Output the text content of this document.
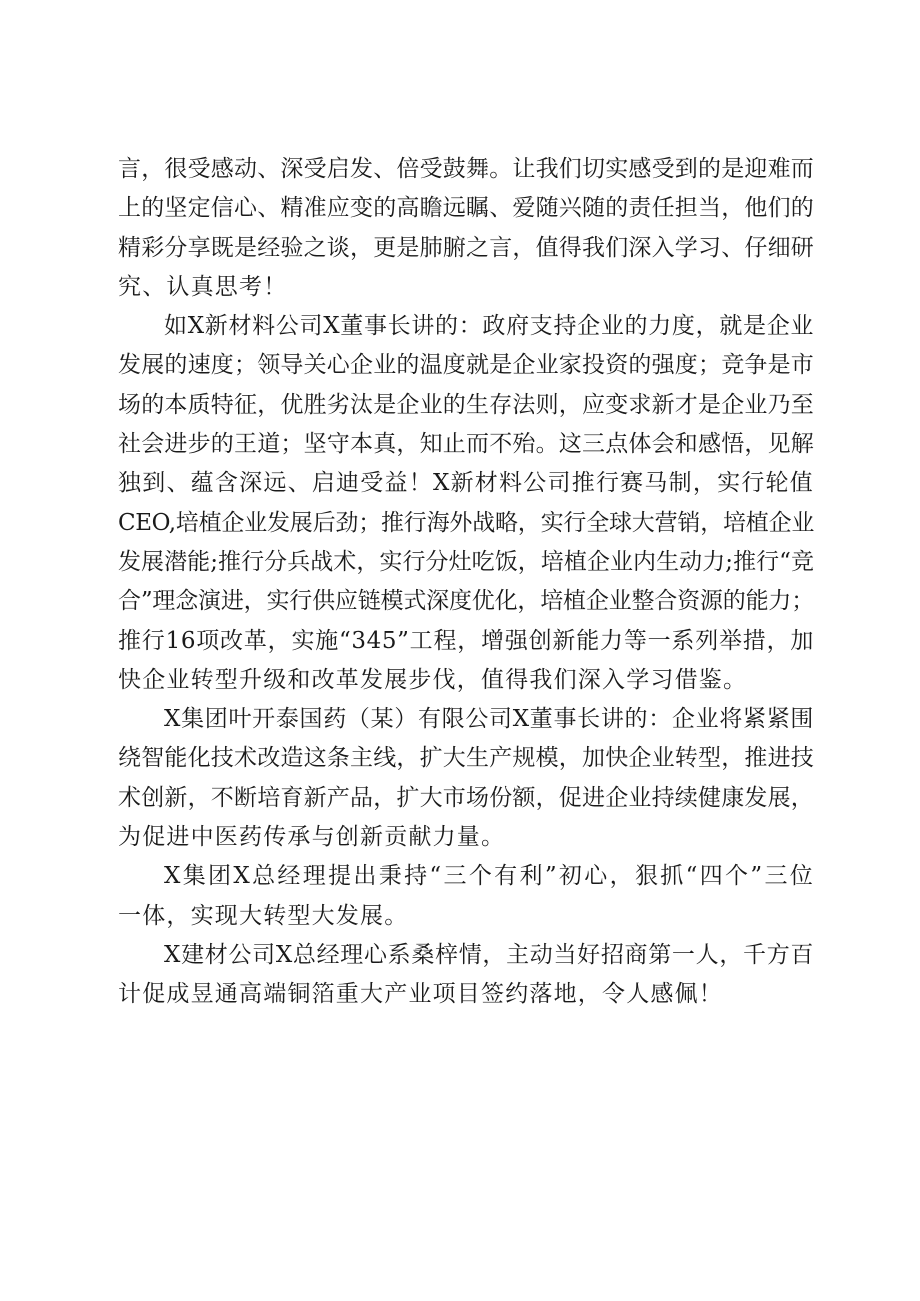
言，很受感动、深受启发、倍受鼓舞。让我们切实感受到的是迎难而
上的坚定信心、精准应变的高瞻远瞩、爱随兴随的责任担当，他们的
精彩分享既是经验之谈，更是肺腑之言，值得我们深入学习、仔细研
究、认真思考！
如X新材料公司X董事长讲的：政府支持企业的力度，就是企业
发展的速度；领导关心企业的温度就是企业家投资的强度；竞争是市
场的本质特征，优胜劣汰是企业的生存法则，应变求新才是企业乃至
社会进步的王道；坚守本真，知止而不殆。这三点体会和感悟，见解
独到、蕴含深远、启迪受益！X新材料公司推行赛马制，实行轮值
CEO,培植企业发展后劲；推行海外战略，实行全球大营销，培植企业
发展潜能;推行分兵战术，实行分灶吃饭，培植企业内生动力;推行“竞
合”理念演进，实行供应链模式深度优化，培植企业整合资源的能力；
推行16项改革，实施“345”工程，增强创新能力等一系列举措，加
快企业转型升级和改革发展步伐，值得我们深入学习借鉴。
X集团叶开泰国药（某）有限公司X董事长讲的：企业将紧紧围
绕智能化技术改造这条主线，扩大生产规模，加快企业转型，推进技
术创新，不断培育新产品，扩大市场份额，促进企业持续健康发展，
为促进中医药传承与创新贡献力量。
X集团X总经理提出秉持“三个有利”初心，狠抓“四个”三位
一体，实现大转型大发展。
X建材公司X总经理心系桑梓情，主动当好招商第一人，千方百
计促成昱通高端铜箔重大产业项目签约落地，令人感佩！
